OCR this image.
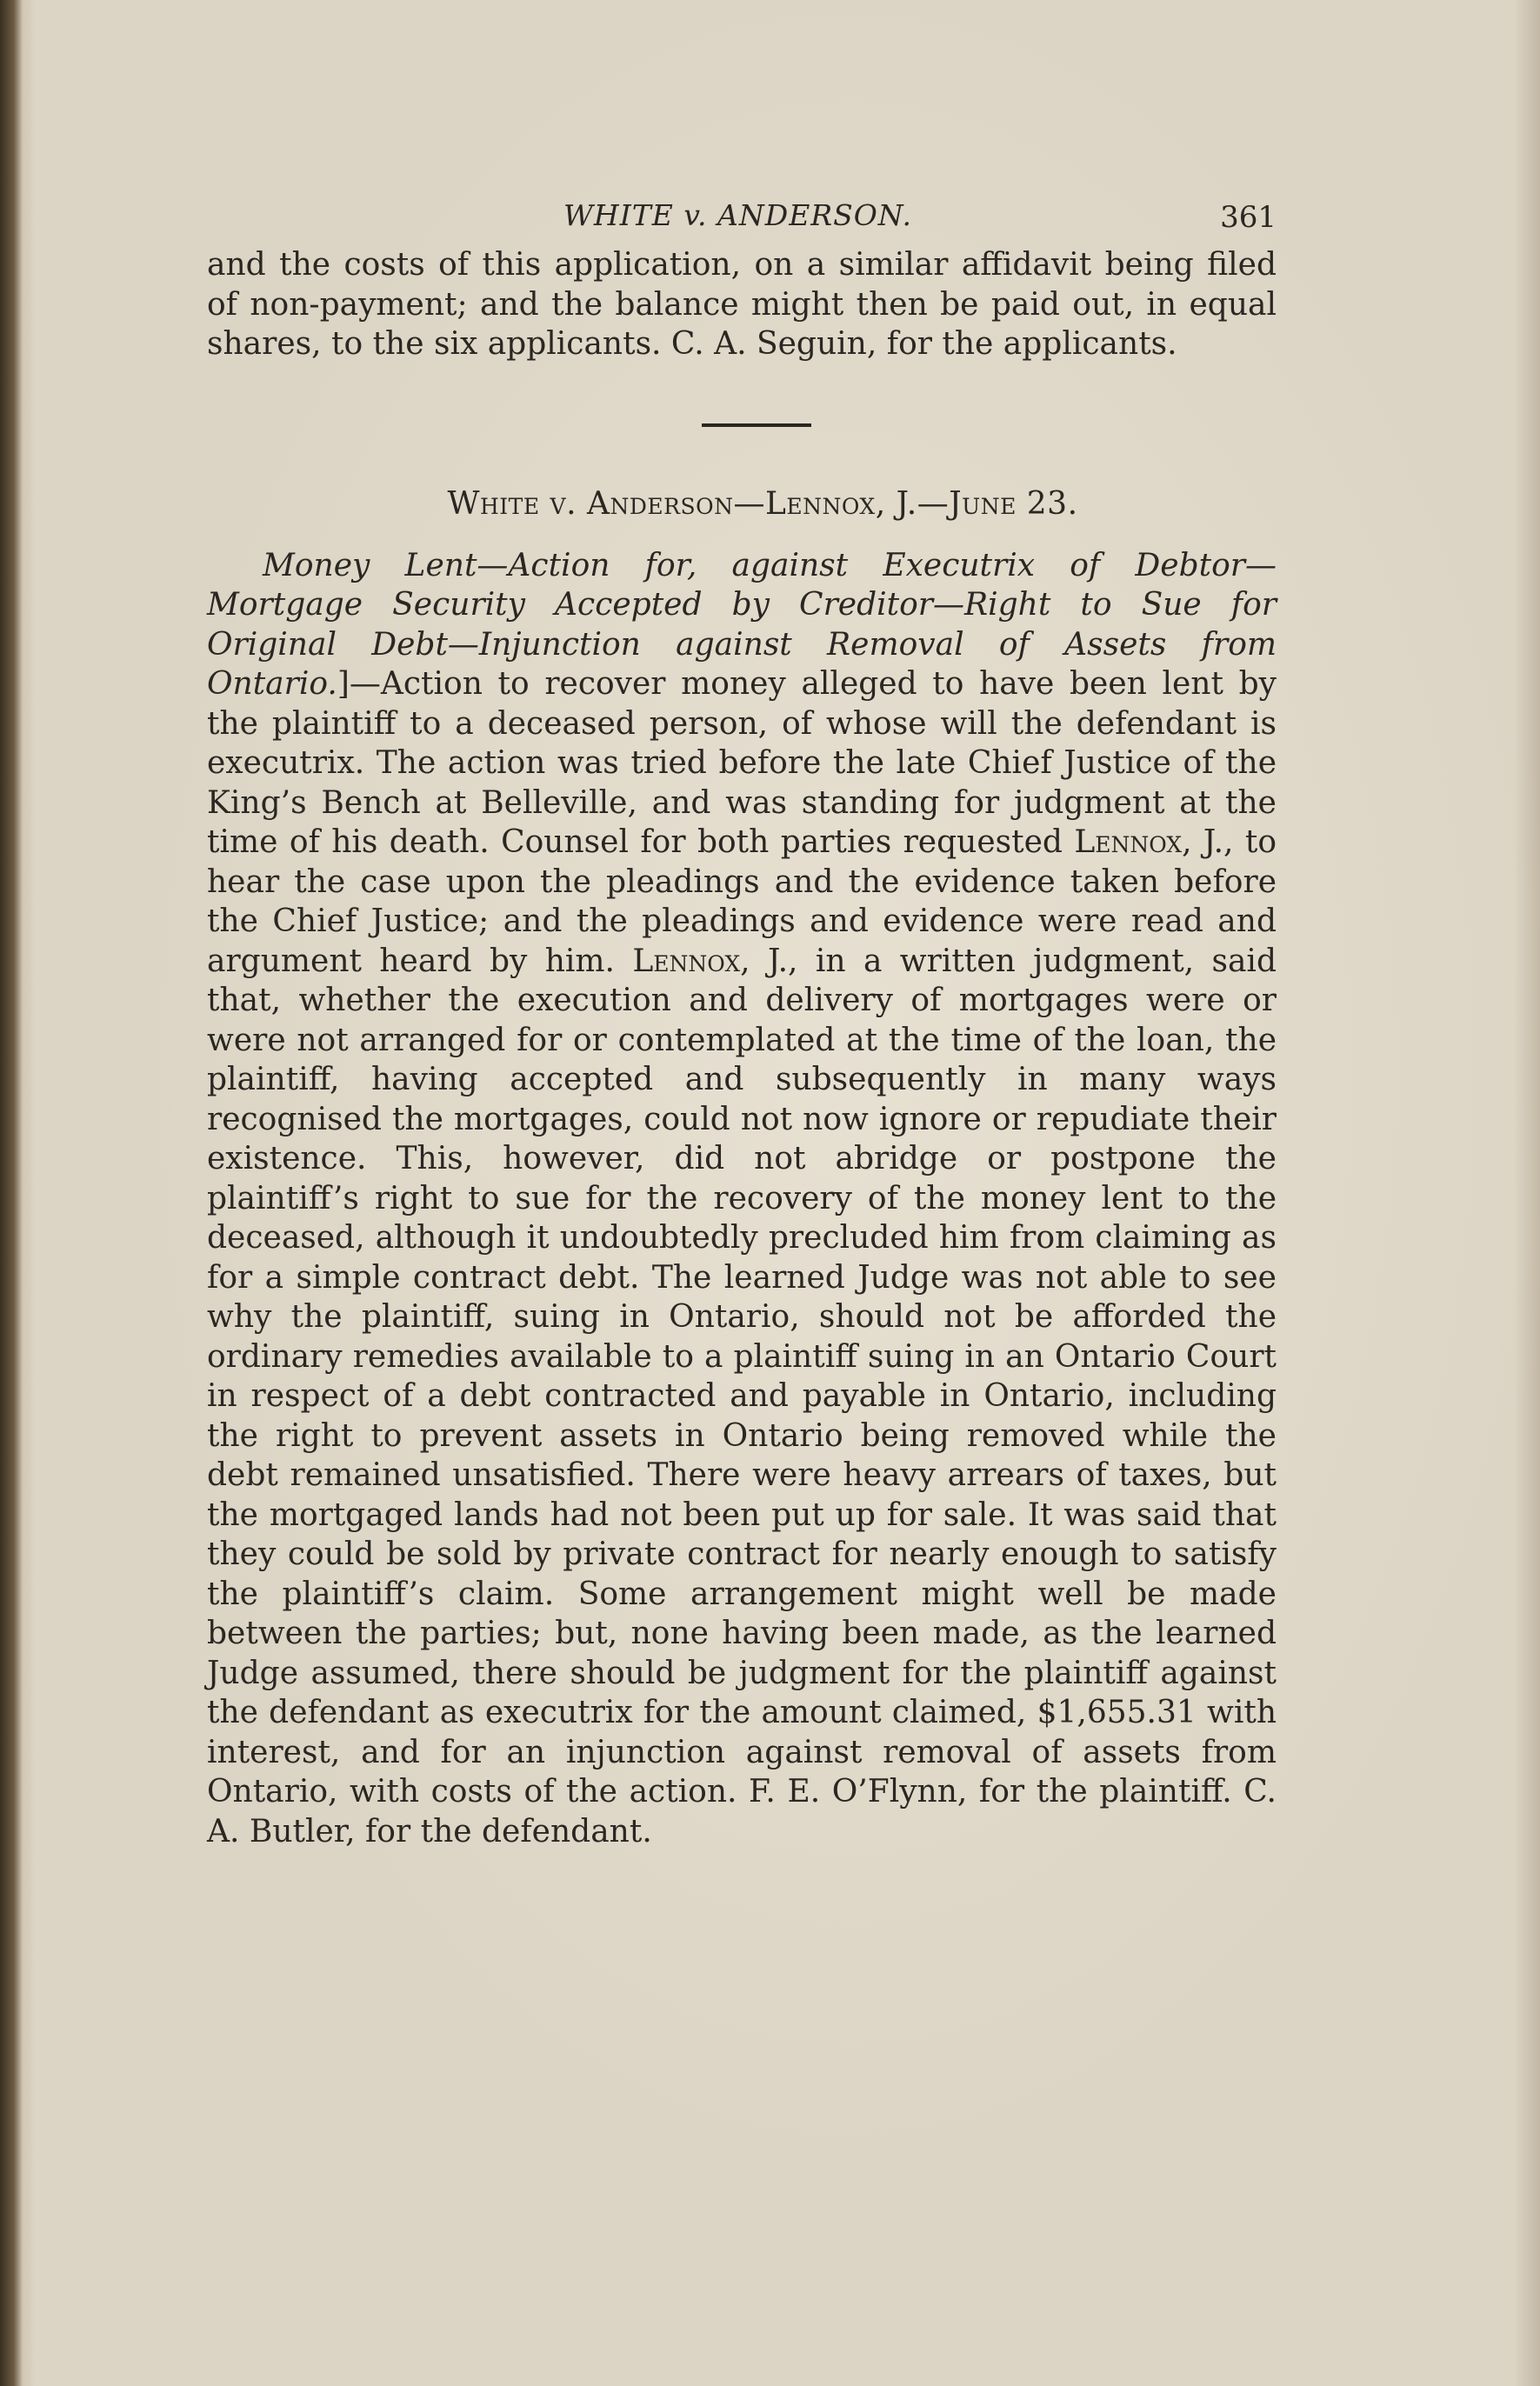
WHITE v. ANDERSON.	361

and the costs of this application, on a similar affidavit being filed of non-payment; and the balance might then be paid out, in equal shares, to the six applicants. C. A. Seguin, for the applicants.

White v. Anderson—Lennox, J.—June 23.

Money Lent—Action for, against Executrix of Debtor—Mortgage Security Accepted by Creditor—Right to Sue for Original Debt—Injunction against Removal of Assets from Ontario.]—Action to recover money alleged to have been lent by the plaintiff to a deceased person, of whose will the defendant is executrix. The action was tried before the late Chief Justice of the King’s Bench at Belleville, and was standing for judgment at the time of his death. Counsel for both parties requested Lennox, J., to hear the case upon the pleadings and the evidence taken before the Chief Justice; and the pleadings and evidence were read and argument heard by him. Lennox, J., in a written judgment, said that, whether the execution and delivery of mortgages were or were not arranged for or contemplated at the time of the loan, the plaintiff, having accepted and subsequently in many ways recognised the mortgages, could not now ignore or repudiate their existence. This, however, did not abridge or postpone the plaintiff’s right to sue for the recovery of the money lent to the deceased, although it undoubtedly precluded him from claiming as for a simple contract debt. The learned Judge was not able to see why the plaintiff, suing in Ontario, should not be afforded the ordinary remedies available to a plaintiff suing in an Ontario Court in respect of a debt contracted and payable in Ontario, including the right to prevent assets in Ontario being removed while the debt remained unsatisfied. There were heavy arrears of taxes, but the mortgaged lands had not been put up for sale. It was said that they could be sold by private contract for nearly enough to satisfy the plaintiff’s claim. Some arrangement might well be made between the parties; but, none having been made, as the learned Judge assumed, there should be judgment for the plaintiff against the defendant as executrix for the amount claimed, $1,655.31 with interest, and for an injunction against removal of assets from Ontario, with costs of the action. F. E. O’Flynn, for the plaintiff. C. A. Butler, for the defendant.
